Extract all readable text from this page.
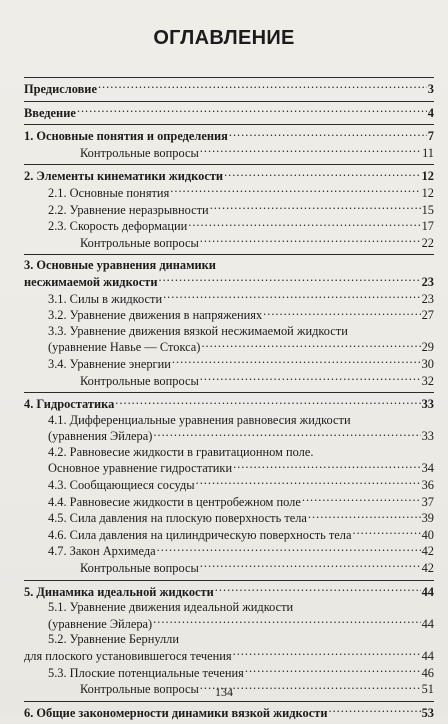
ОГЛАВЛЕНИЕ
Предисловие .....	3
Введение .....	4
1. Основные понятия и определения .....	7
Контрольные вопросы .....	11
2. Элементы кинематики жидкости .....	12
2.1. Основные понятия .....	12
2.2. Уравнение неразрывности .....	15
2.3. Скорость деформации .....	17
Контрольные вопросы .....	22
3. Основные уравнения динамики
несжимаемой жидкости .....	23
3.1. Силы в жидкости .....	23
3.2. Уравнение движения в напряжениях .....	27
3.3. Уравнение движения вязкой несжимаемой жидкости
(уравнение Навье — Стокса) .....	29
3.4. Уравнение энергии .....	30
Контрольные вопросы .....	32
4. Гидростатика .....	33
4.1. Дифференциальные уравнения равновесия жидкости
(уравнения Эйлера) .....	33
4.2. Равновесие жидкости в гравитационном поле.
Основное уравнение гидростатики .....	34
4.3. Сообщающиеся сосуды .....	36
4.4. Равновесие жидкости в центробежном поле .....	37
4.5. Сила давления на плоскую поверхность тела .....	39
4.6. Сила давления на цилиндрическую поверхность тела .....	40
4.7. Закон Архимеда .....	42
Контрольные вопросы .....	42
5. Динамика идеальной жидкости .....	44
5.1. Уравнение движения идеальной жидкости
(уравнение Эйлера) .....	44
5.2. Уравнение Бернулли
для плоского установившегося течения .....	44
5.3. Плоские потенциальные течения .....	46
Контрольные вопросы .....	51
6. Общие закономерности динамики вязкой жидкости .....	53
134
